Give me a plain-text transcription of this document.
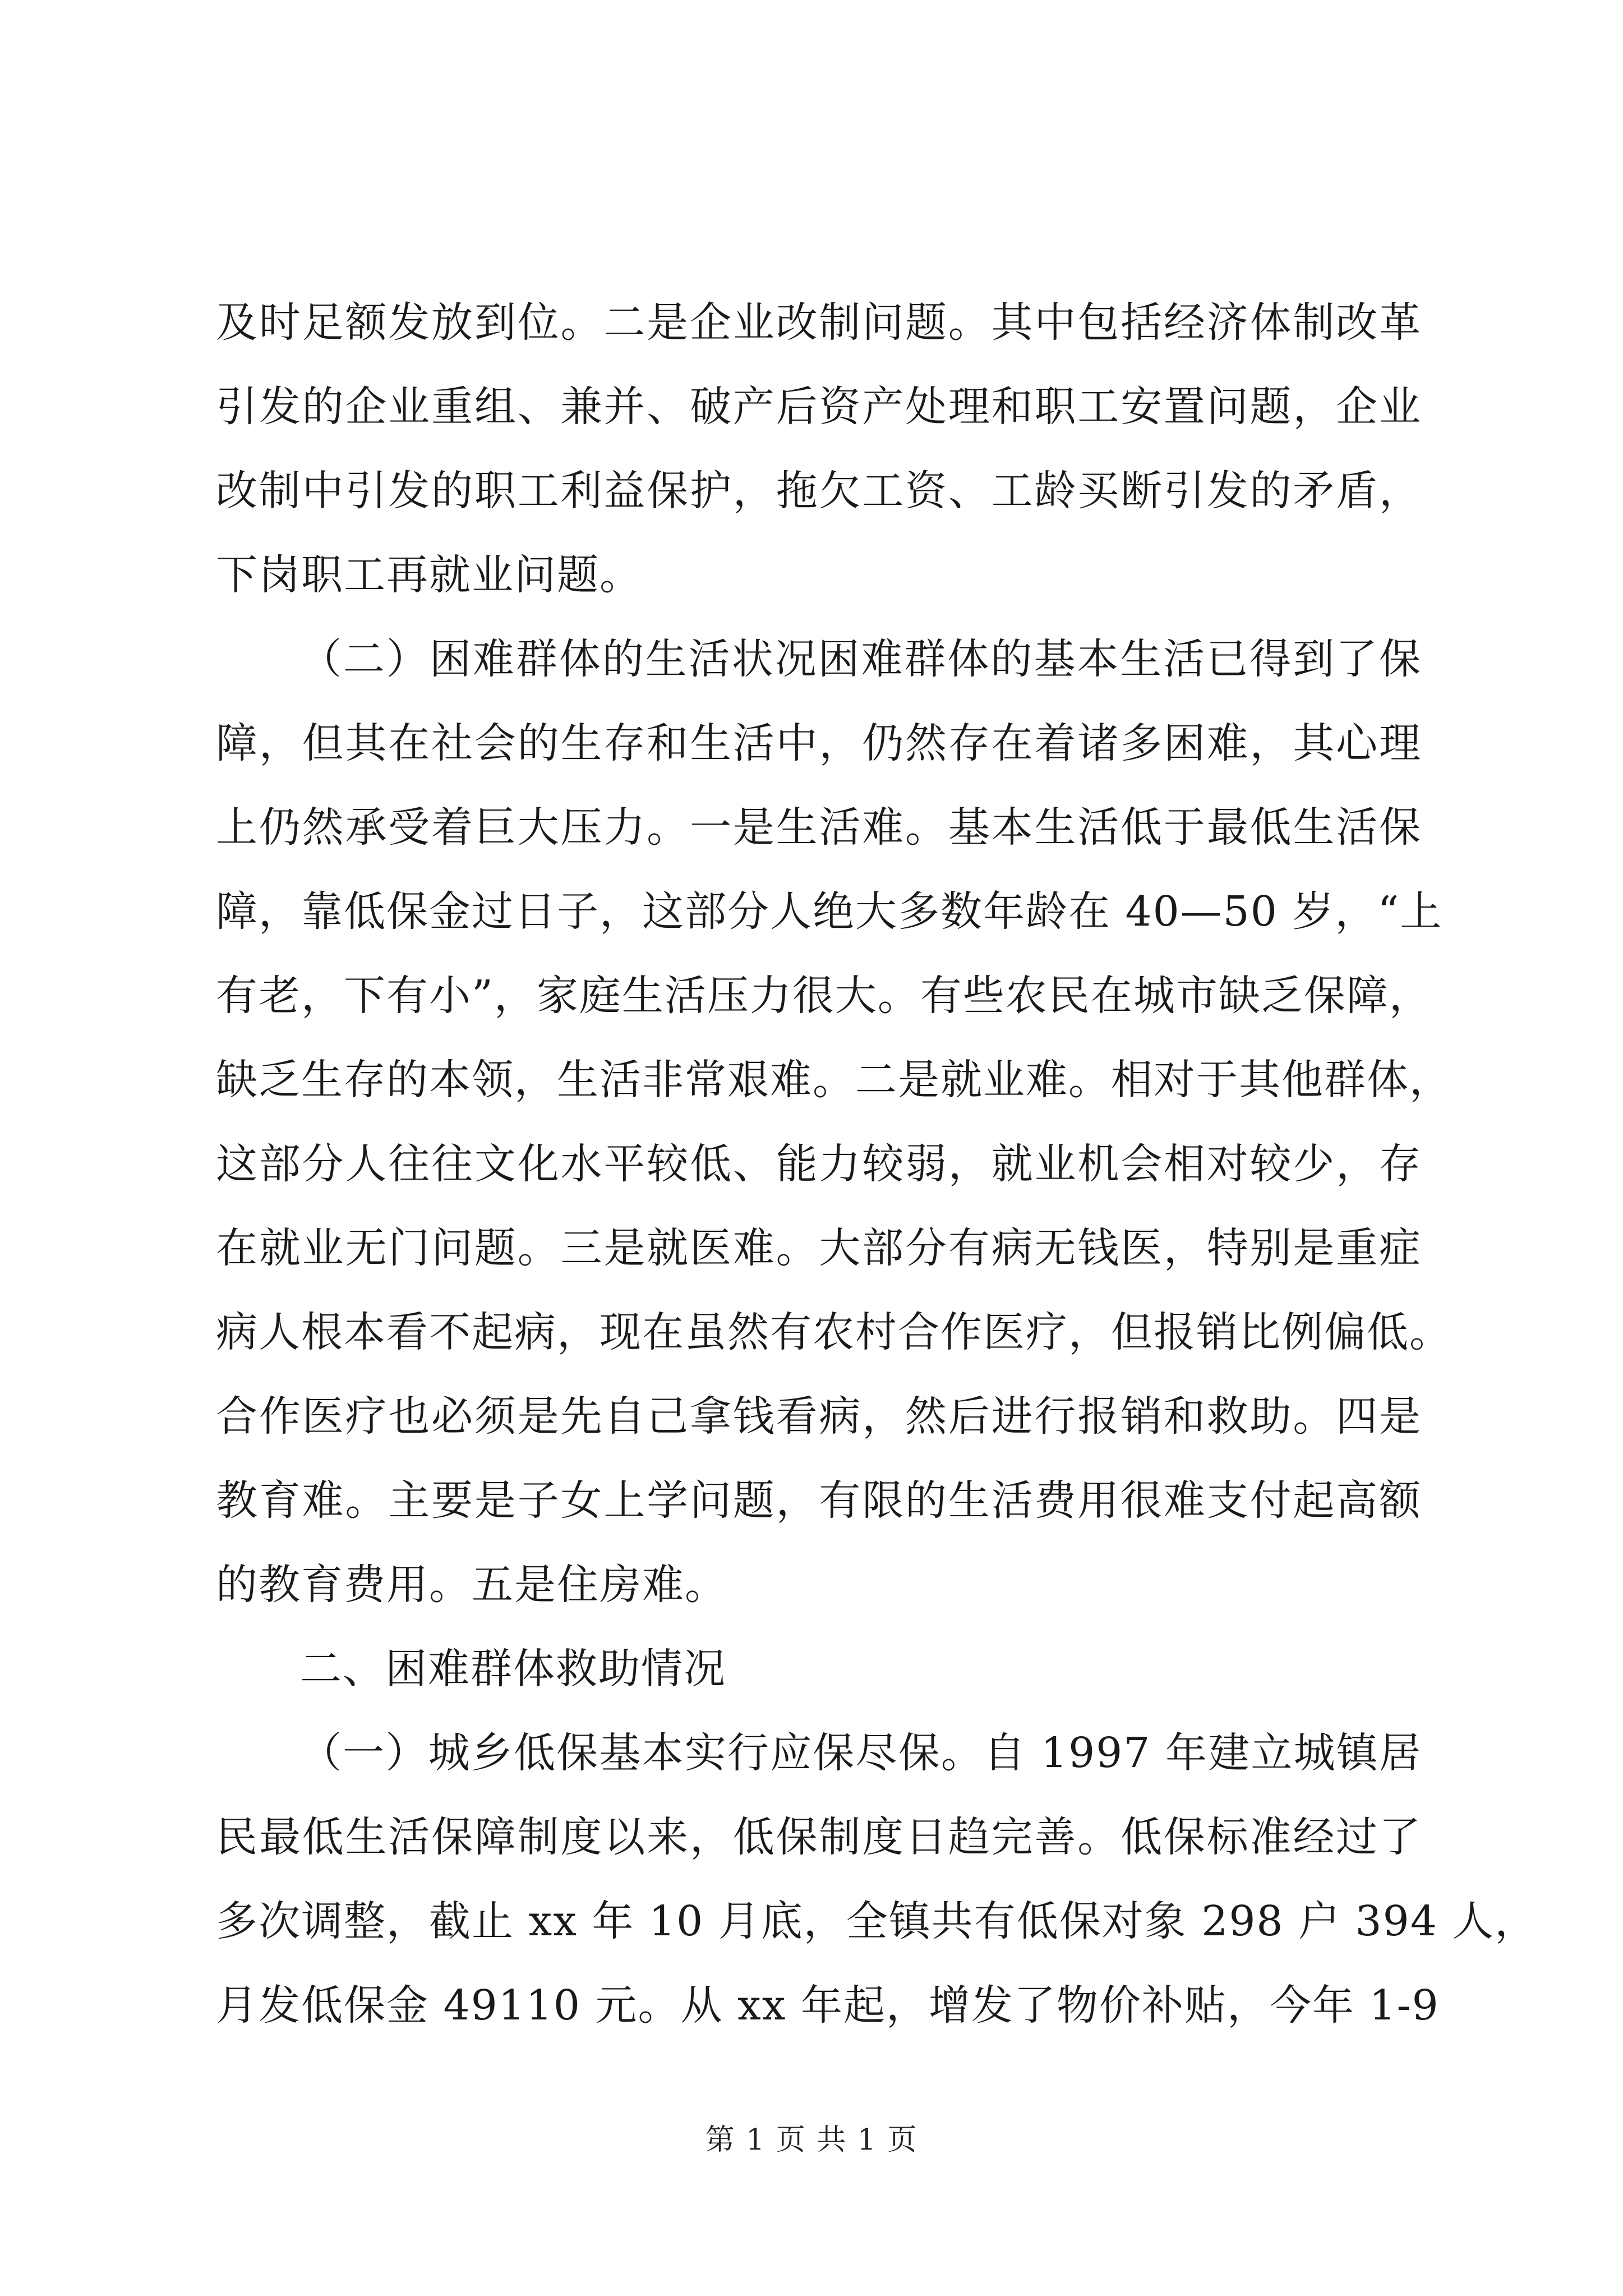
及时足额发放到位。二是企业改制问题。其中包括经济体制改革
引发的企业重组、兼并、破产后资产处理和职工安置问题，企业
改制中引发的职工利益保护，拖欠工资、工龄买断引发的矛盾，
下岗职工再就业问题。
（二）困难群体的生活状况困难群体的基本生活已得到了保
障，但其在社会的生存和生活中，仍然存在着诸多困难，其心理
上仍然承受着巨大压力。一是生活难。基本生活低于最低生活保
障，靠低保金过日子，这部分人绝大多数年龄在 40—50 岁，“上
有老，下有小”，家庭生活压力很大。有些农民在城市缺乏保障，
缺乏生存的本领，生活非常艰难。二是就业难。相对于其他群体，
这部分人往往文化水平较低、能力较弱，就业机会相对较少，存
在就业无门问题。三是就医难。大部分有病无钱医，特别是重症
病人根本看不起病，现在虽然有农村合作医疗，但报销比例偏低。
合作医疗也必须是先自己拿钱看病，然后进行报销和救助。四是
教育难。主要是子女上学问题，有限的生活费用很难支付起高额
的教育费用。五是住房难。
二、困难群体救助情况
（一）城乡低保基本实行应保尽保。自 1997 年建立城镇居
民最低生活保障制度以来，低保制度日趋完善。低保标准经过了
多次调整，截止 xx 年 10 月底，全镇共有低保对象 298 户 394 人，
月发低保金 49110 元。从 xx 年起，增发了物价补贴，今年 1-9
第 1 页 共 1 页
